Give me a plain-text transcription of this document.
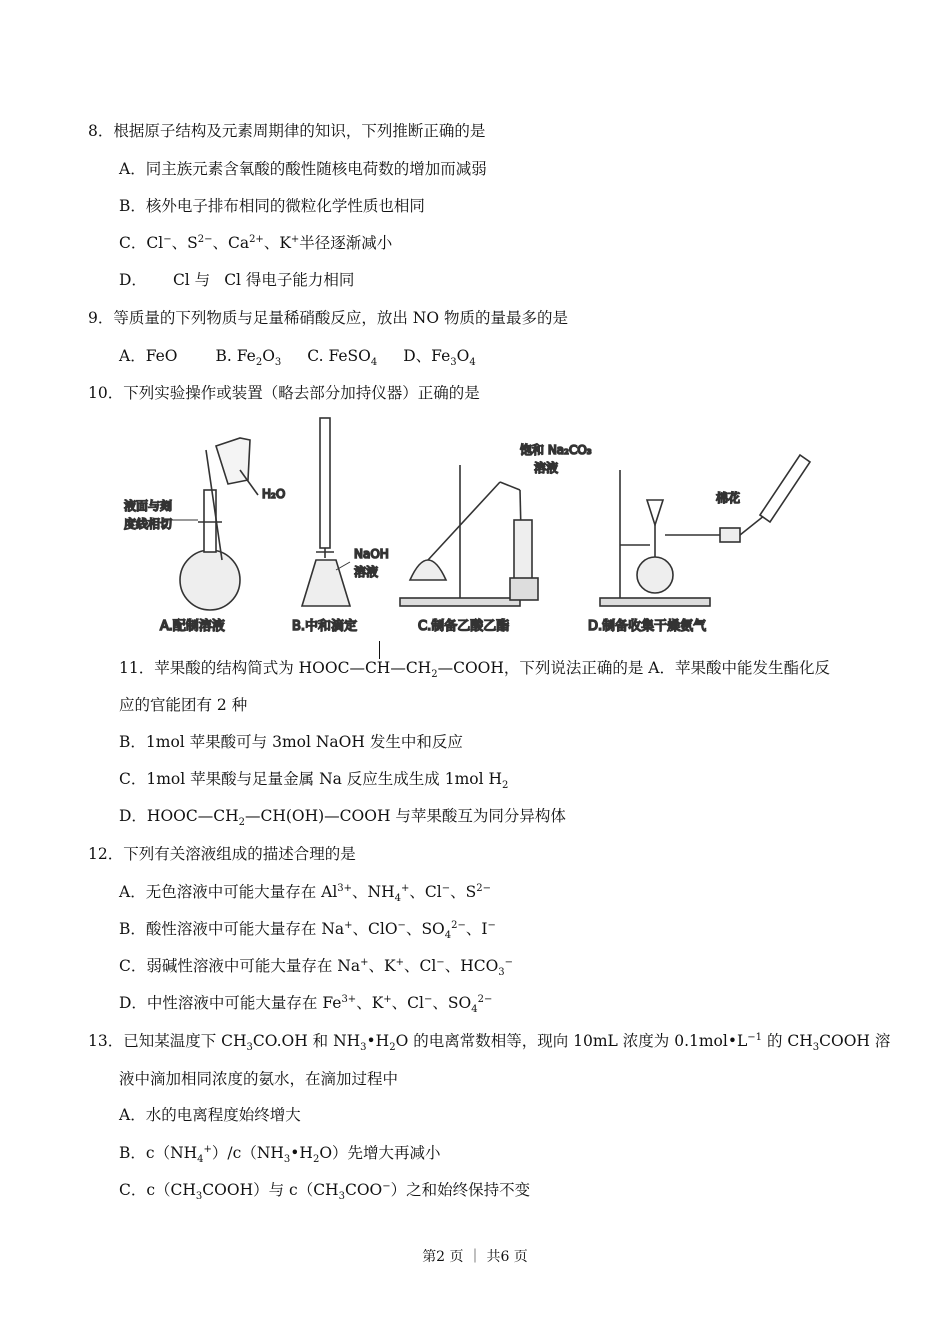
8．根据原子结构及元素周期律的知识，下列推断正确的是
A．同主族元素含氧酸的酸性随核电荷数的增加而减弱
B．核外电子排布相同的微粒化学性质也相同
C．Cl−、$S^{2-}$、$Ca^{2+}$、K+半径逐渐减小
D． Cl 与 Cl 得电子能力相同
9．等质量的下列物质与足量稀硝酸反应，放出 NO 物质的量最多的是
A．FeO B. $Fe_2O_3$ C. FeSO$_4$ D、$Fe_3O_4$
10．下列实验操作或装置（略去部分加持仪器）正确的是
液面与刻
度线相切
H₂O
NaOH
溶液
饱和 Na₂CO₃
溶液
棉花
A.配制溶液	B.中和滴定	C.制备乙酸乙酯	D.制备收集干燥氨气
11．苹果酸的结构简式为 $HOOC—CH—CH_2—COOH$，下列说法正确的是 A．苹果酸中能发生酯化反
应的官能团有 2 种
B．1mol 苹果酸可与 3mol NaOH 发生中和反应
C．1mol 苹果酸与足量金属 Na 反应生成生成 1mol $H_2$
D．$HOOC—CH_2—CH(OH)—COOH$ 与苹果酸互为同分异构体
12．下列有关溶液组成的描述合理的是
A．无色溶液中可能大量存在 $Al^{3+}$、$NH_4^+$、Cl−、$S^{2-}$
B．酸性溶液中可能大量存在 Na+、ClO−、$SO_4^{2-}$、I−
C．弱碱性溶液中可能大量存在 Na+、K+、Cl−、$HCO_3^-$
D．中性溶液中可能大量存在 $Fe^{3+}$、K+、Cl−、$SO_4^{2-}$
13．已知某温度下 $CH_3CO.OH$ 和 $NH_3•H_2O$ 的电离常数相等，现向 10mL 浓度为 $0.1mol•L^{-1}$ 的 $CH_3COOH$ 溶
液中滴加相同浓度的氨水，在滴加过程中
A．水的电离程度始终增大
B．$c(NH_4^+)/c(NH_3•H_2O)$先增大再减小
C．$c(CH_3COOH)$与 $c(CH_3COO^-)$之和始终保持不变
第2 页 ｜ 共6 页
